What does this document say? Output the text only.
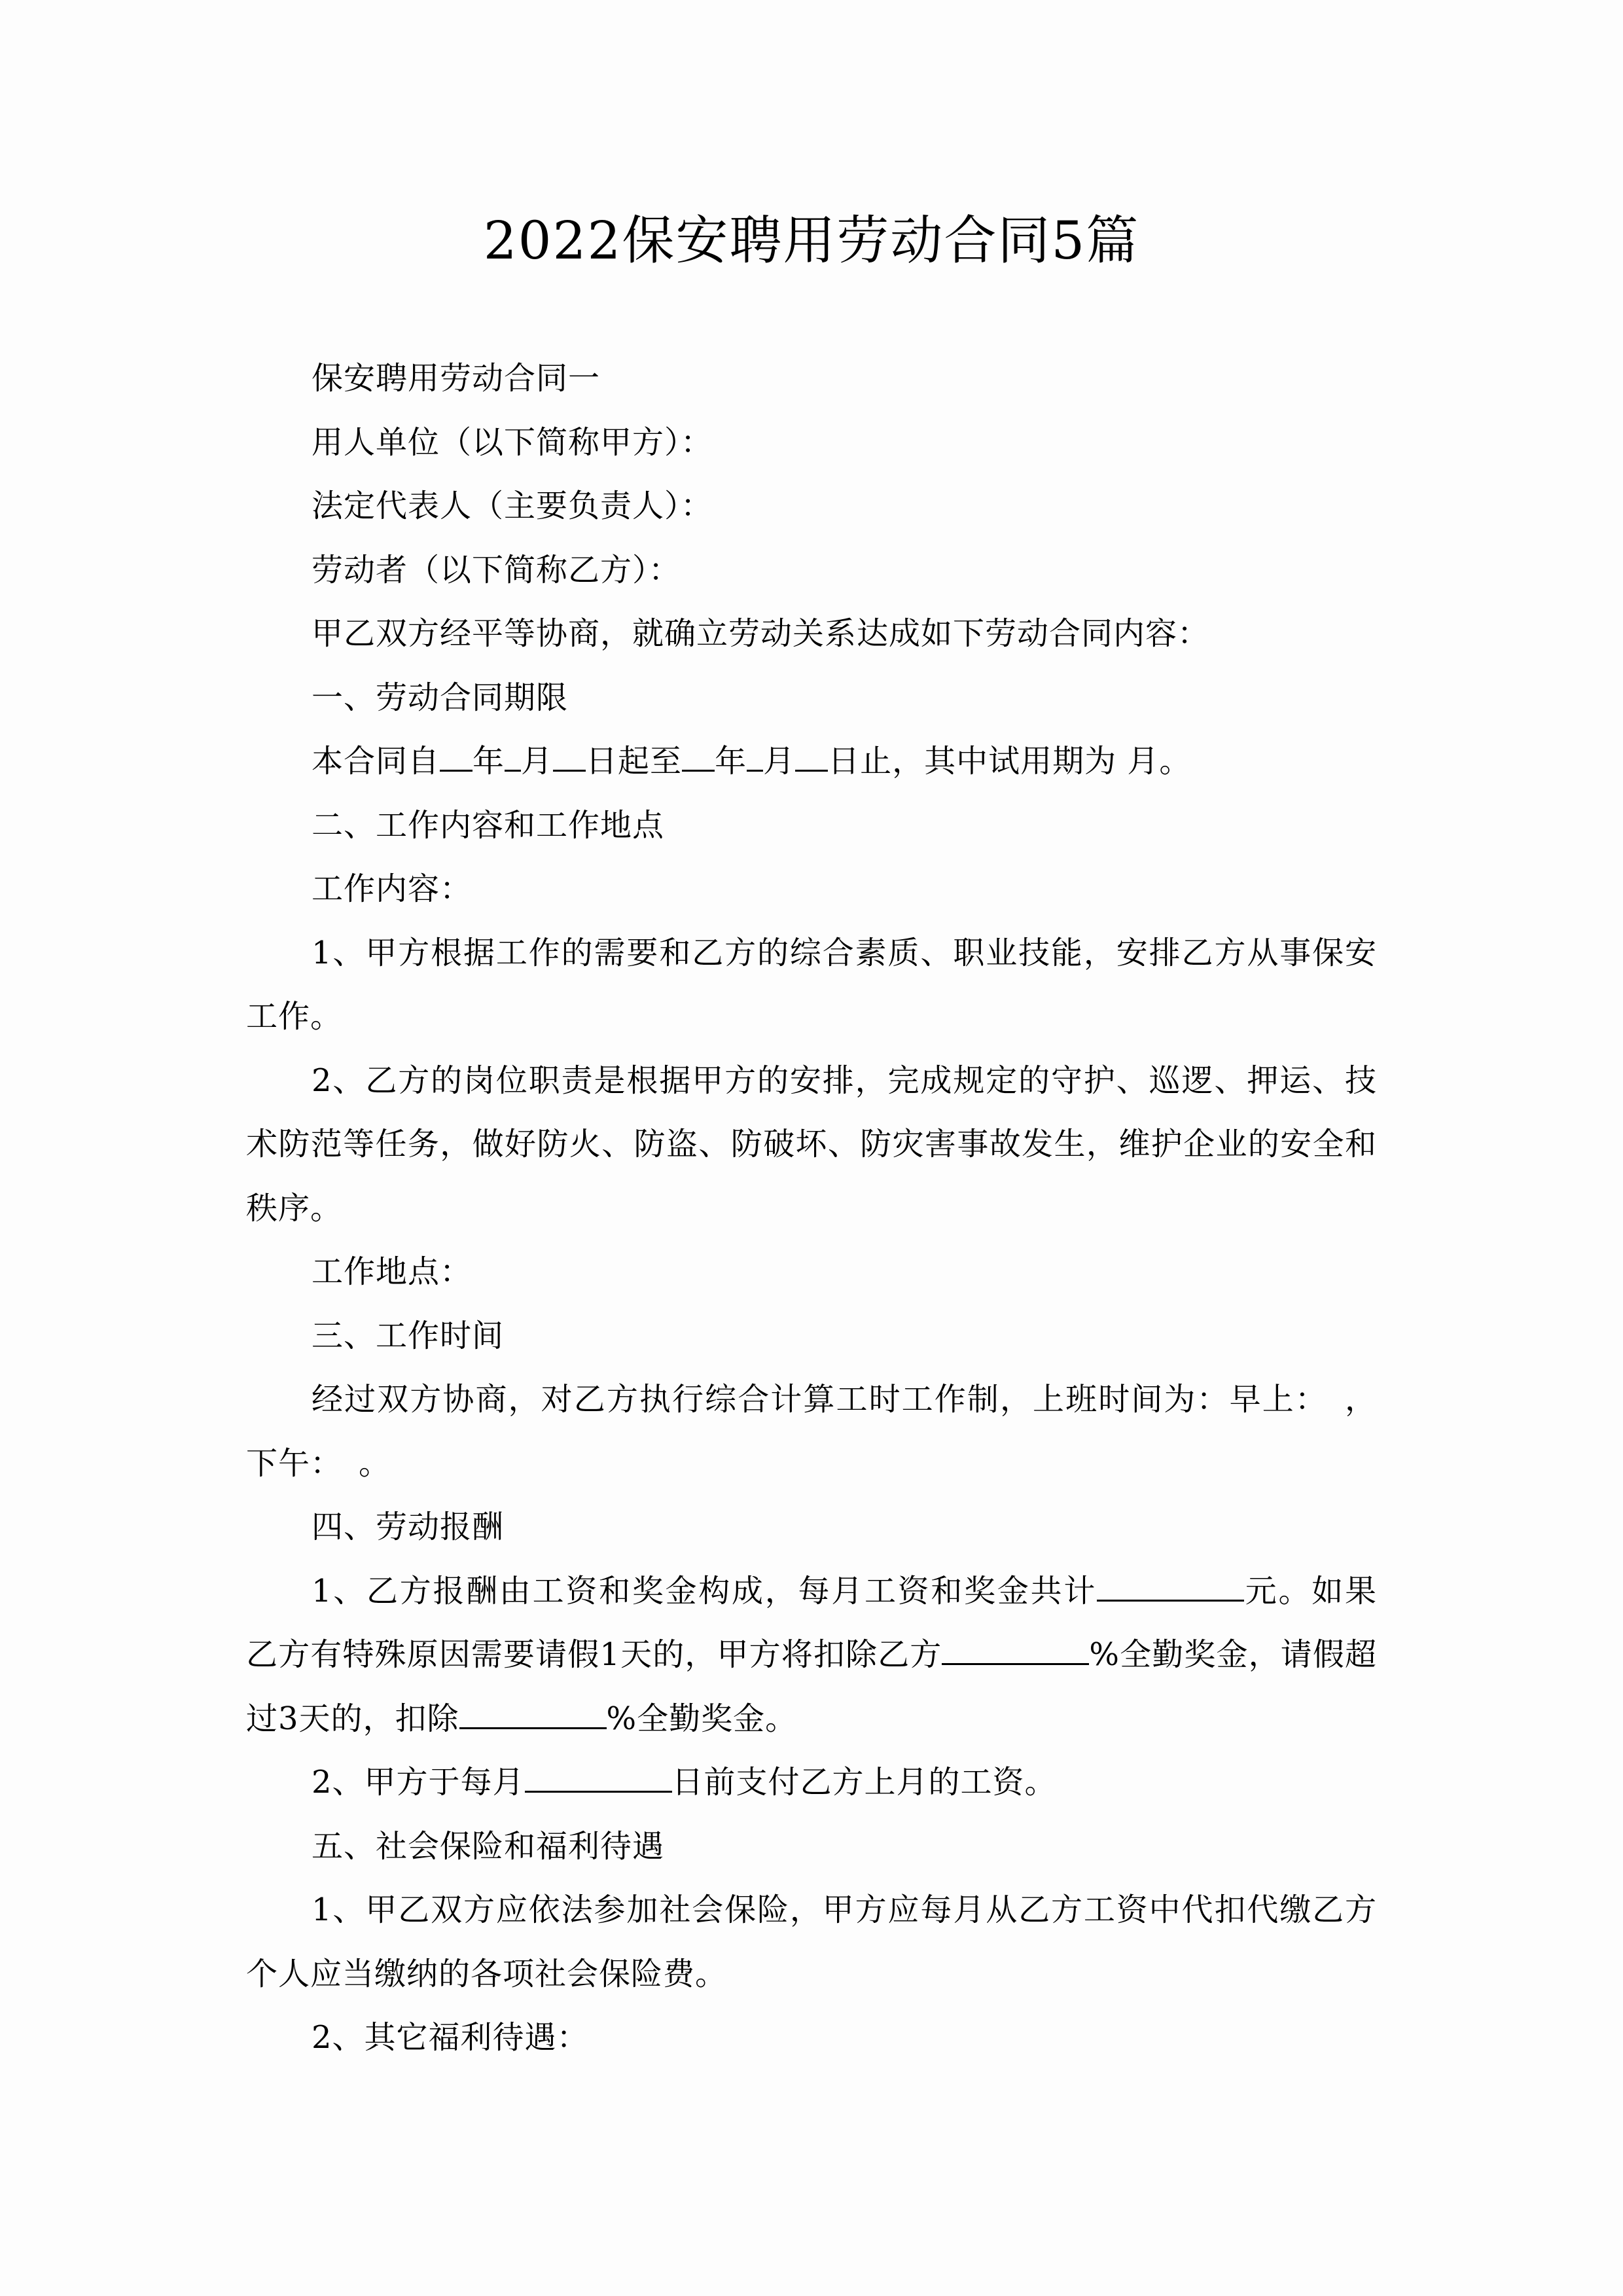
2022保安聘用劳动合同5篇

保安聘用劳动合同一

用人单位（以下简称甲方）：

法定代表人（主要负责人）：

劳动者（以下简称乙方）：

甲乙双方经平等协商，就确立劳动关系达成如下劳动合同内容：

一、劳动合同期限

本合同自 年 月 日起至 年 月 日止，其中试用期为 月。

二、工作内容和工作地点

工作内容：

1、甲方根据工作的需要和乙方的综合素质、职业技能，安排乙方从事保安工作。

2、乙方的岗位职责是根据甲方的安排，完成规定的守护、巡逻、押运、技术防范等任务，做好防火、防盗、防破坏、防灾害事故发生，维护企业的安全和秩序。

工作地点：

三、工作时间

经过双方协商，对乙方执行综合计算工时工作制，上班时间为：早上：　，下午：　。

四、劳动报酬

1、乙方报酬由工资和奖金构成，每月工资和奖金共计	元。如果乙方有特殊原因需要请假1天的，甲方将扣除乙方	%全勤奖金，请假超过3天的，扣除	%全勤奖金。

2、甲方于每月	日前支付乙方上月的工资。

五、社会保险和福利待遇

1、甲乙双方应依法参加社会保险，甲方应每月从乙方工资中代扣代缴乙方个人应当缴纳的各项社会保险费。

2、其它福利待遇：
